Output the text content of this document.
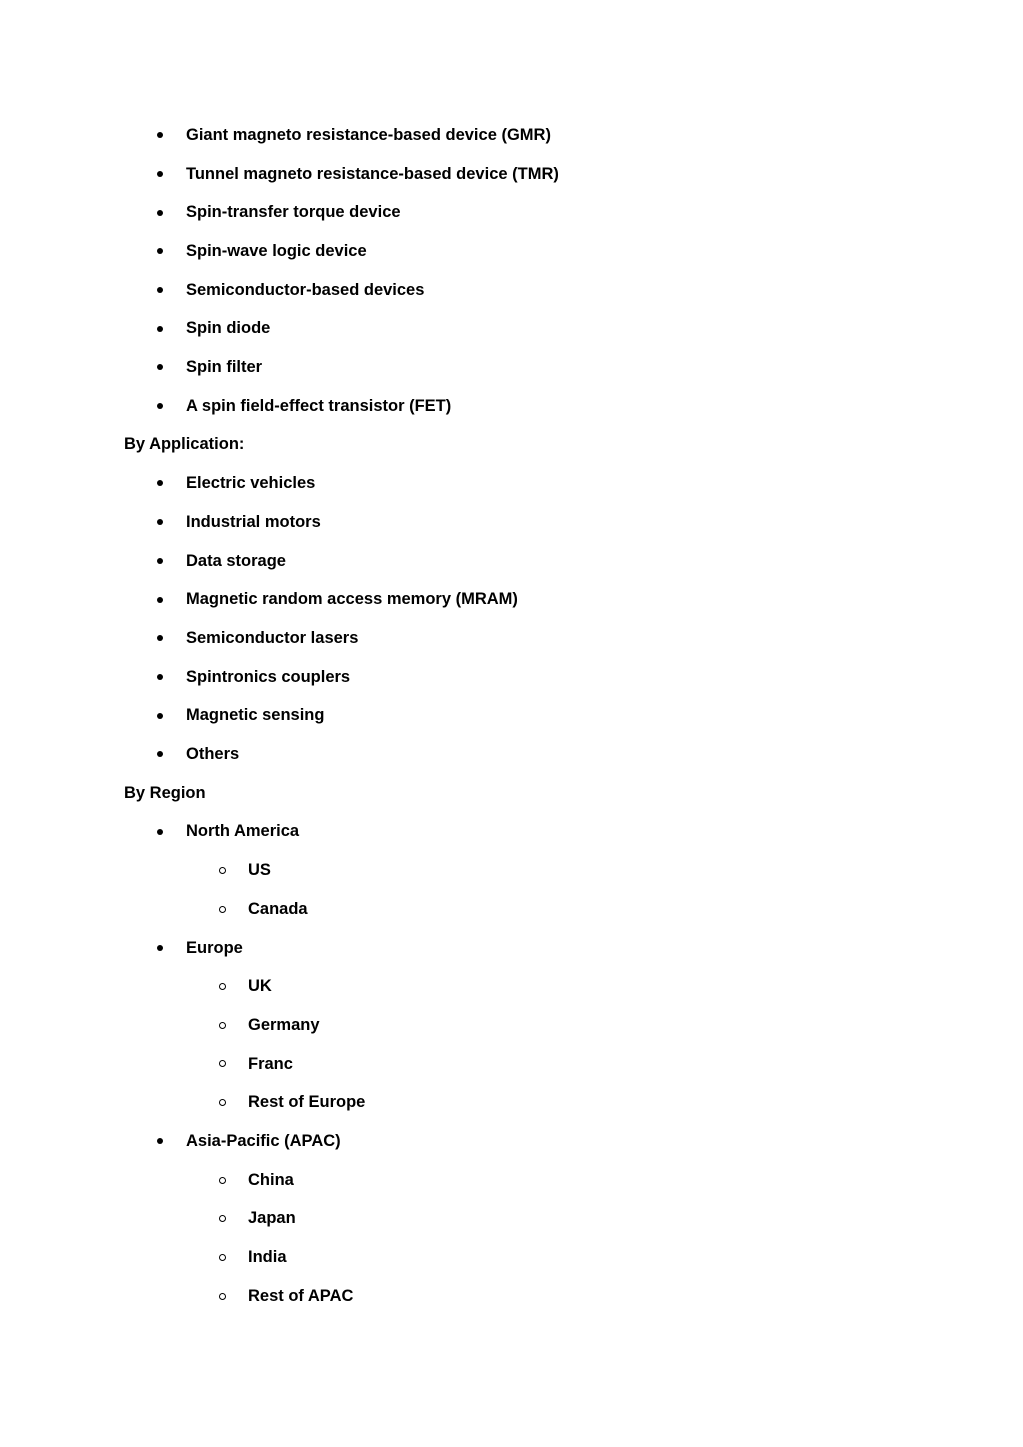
Giant magneto resistance-based device (GMR)
Tunnel magneto resistance-based device (TMR)
Spin-transfer torque device
Spin-wave logic device
Semiconductor-based devices
Spin diode
Spin filter
A spin field-effect transistor (FET)
By Application:
Electric vehicles
Industrial motors
Data storage
Magnetic random access memory (MRAM)
Semiconductor lasers
Spintronics couplers
Magnetic sensing
Others
By Region
North America
US
Canada
Europe
UK
Germany
Franc
Rest of Europe
Asia-Pacific (APAC)
China
Japan
India
Rest of APAC
